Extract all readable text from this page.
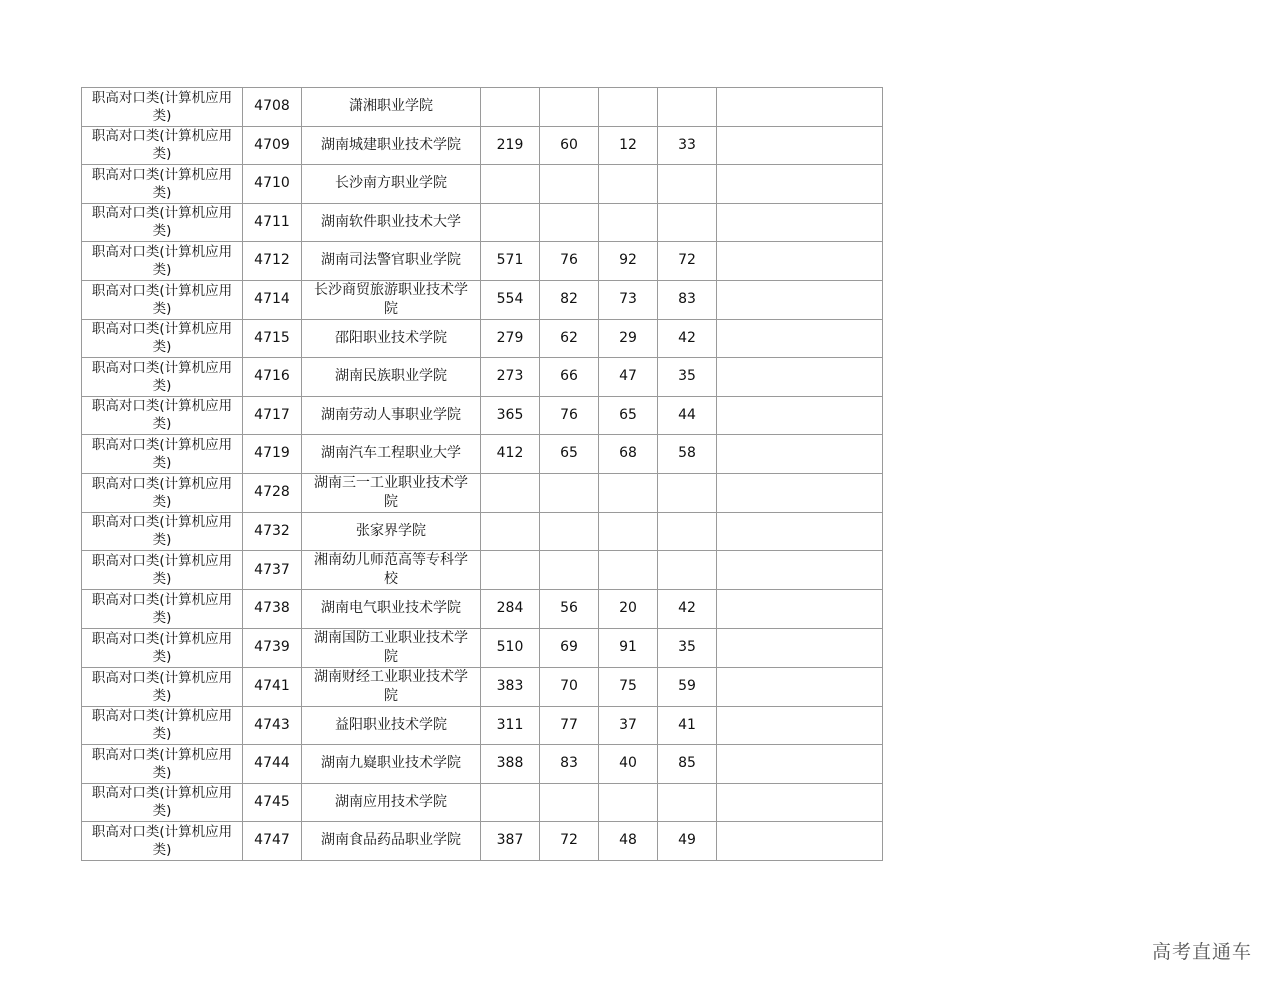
职高对口类(计算机应用类)	4708	潇湘职业学院					
职高对口类(计算机应用类)	4709	湖南城建职业技术学院	219	60	12	33	
职高对口类(计算机应用类)	4710	长沙南方职业学院					
职高对口类(计算机应用类)	4711	湖南软件职业技术大学					
职高对口类(计算机应用类)	4712	湖南司法警官职业学院	571	76	92	72	
职高对口类(计算机应用类)	4714	长沙商贸旅游职业技术学院	554	82	73	83	
职高对口类(计算机应用类)	4715	邵阳职业技术学院	279	62	29	42	
职高对口类(计算机应用类)	4716	湖南民族职业学院	273	66	47	35	
职高对口类(计算机应用类)	4717	湖南劳动人事职业学院	365	76	65	44	
职高对口类(计算机应用类)	4719	湖南汽车工程职业大学	412	65	68	58	
职高对口类(计算机应用类)	4728	湖南三一工业职业技术学院					
职高对口类(计算机应用类)	4732	张家界学院					
职高对口类(计算机应用类)	4737	湘南幼儿师范高等专科学校					
职高对口类(计算机应用类)	4738	湖南电气职业技术学院	284	56	20	42	
职高对口类(计算机应用类)	4739	湖南国防工业职业技术学院	510	69	91	35	
职高对口类(计算机应用类)	4741	湖南财经工业职业技术学院	383	70	75	59	
职高对口类(计算机应用类)	4743	益阳职业技术学院	311	77	37	41	
职高对口类(计算机应用类)	4744	湖南九嶷职业技术学院	388	83	40	85	
职高对口类(计算机应用类)	4745	湖南应用技术学院					
职高对口类(计算机应用类)	4747	湖南食品药品职业学院	387	72	48	49	
高考直通车
